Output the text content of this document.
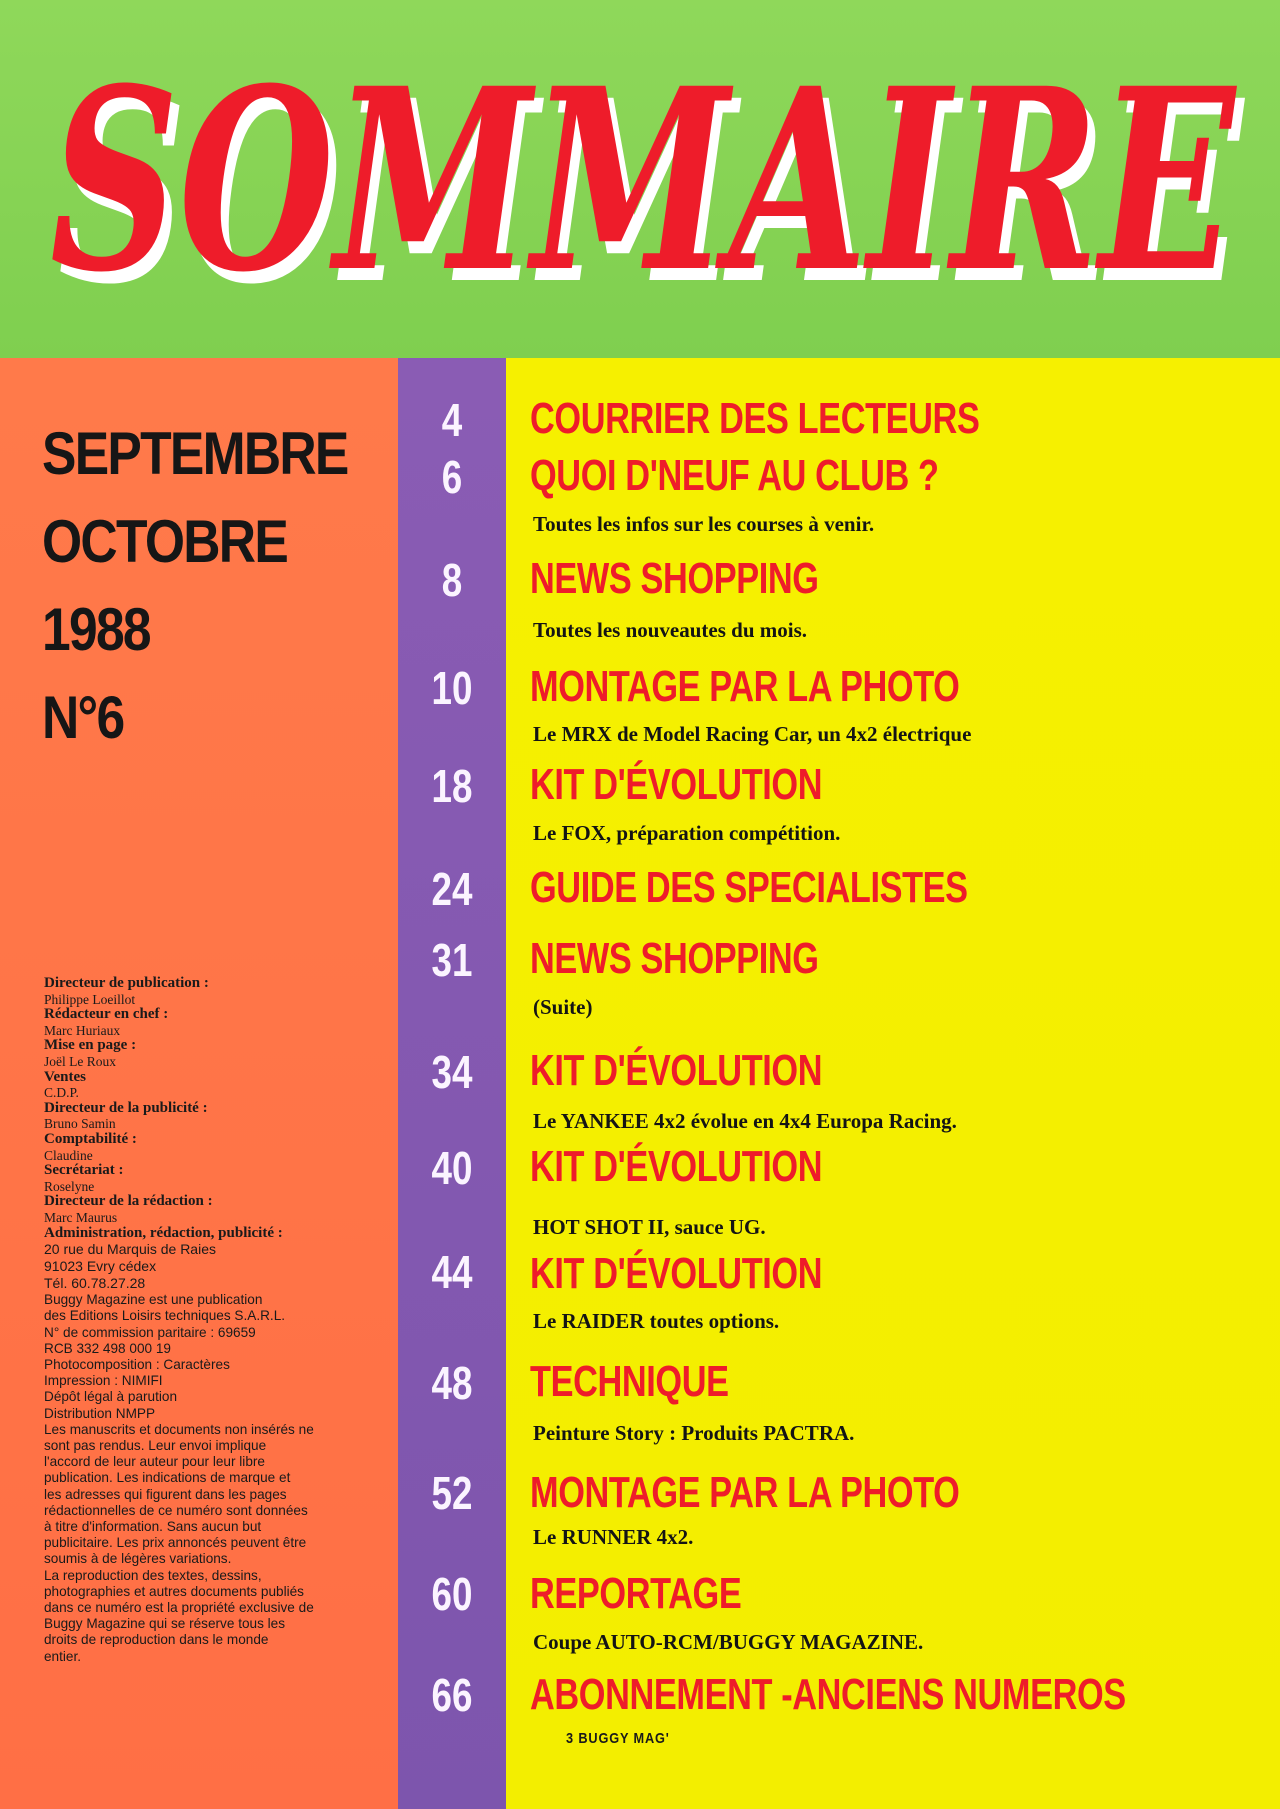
SOMMAIRE
SOMMAIRE
SEPTEMBRE
OCTOBRE
1988
N°6
Directeur de publication :
Philippe Loeillot
Rédacteur en chef :
Marc Huriaux
Mise en page :
Joël Le Roux
Ventes
C.D.P.
Directeur de la publicité :
Bruno Samin
Comptabilité :
Claudine
Secrétariat :
Roselyne
Directeur de la rédaction :
Marc Maurus
Administration, rédaction, publicité :
20 rue du Marquis de Raies
91023 Evry cédex
Tél. 60.78.27.28
Buggy Magazine est une publication
des Editions Loisirs techniques S.A.R.L.
N° de commission paritaire : 69659
RCB 332 498 000 19
Photocomposition : Caractères
Impression : NIMIFI
Dépôt légal à parution
Distribution NMPP
Les manuscrits et documents non insérés ne
sont pas rendus. Leur envoi implique
l'accord de leur auteur pour leur libre
publication. Les indications de marque et
les adresses qui figurent dans les pages
rédactionnelles de ce numéro sont données
à titre d'information. Sans aucun but
publicitaire. Les prix annoncés peuvent être
soumis à de légères variations.
La reproduction des textes, dessins,
photographies et autres documents publiés
dans ce numéro est la propriété exclusive de
Buggy Magazine qui se réserve tous les
droits de reproduction dans le monde
entier.
4	COURRIER DES LECTEURS
6	QUOI D'NEUF AU CLUB ?
Toutes les infos sur les courses à venir.
8	NEWS SHOPPING
Toutes les nouveautes du mois.
10	MONTAGE PAR LA PHOTO
Le MRX de Model Racing Car, un 4x2 électrique
18	KIT D'ÉVOLUTION
Le FOX, préparation compétition.
24	GUIDE DES SPECIALISTES
31	NEWS SHOPPING
(Suite)
34	KIT D'ÉVOLUTION
Le YANKEE 4x2 évolue en 4x4 Europa Racing.
40	KIT D'ÉVOLUTION
HOT SHOT II, sauce UG.
44	KIT D'ÉVOLUTION
Le RAIDER toutes options.
48	TECHNIQUE
Peinture Story : Produits PACTRA.
52	MONTAGE PAR LA PHOTO
Le RUNNER 4x2.
60	REPORTAGE
Coupe AUTO-RCM/BUGGY MAGAZINE.
66	ABONNEMENT -ANCIENS NUMEROS
3 BUGGY MAG'
